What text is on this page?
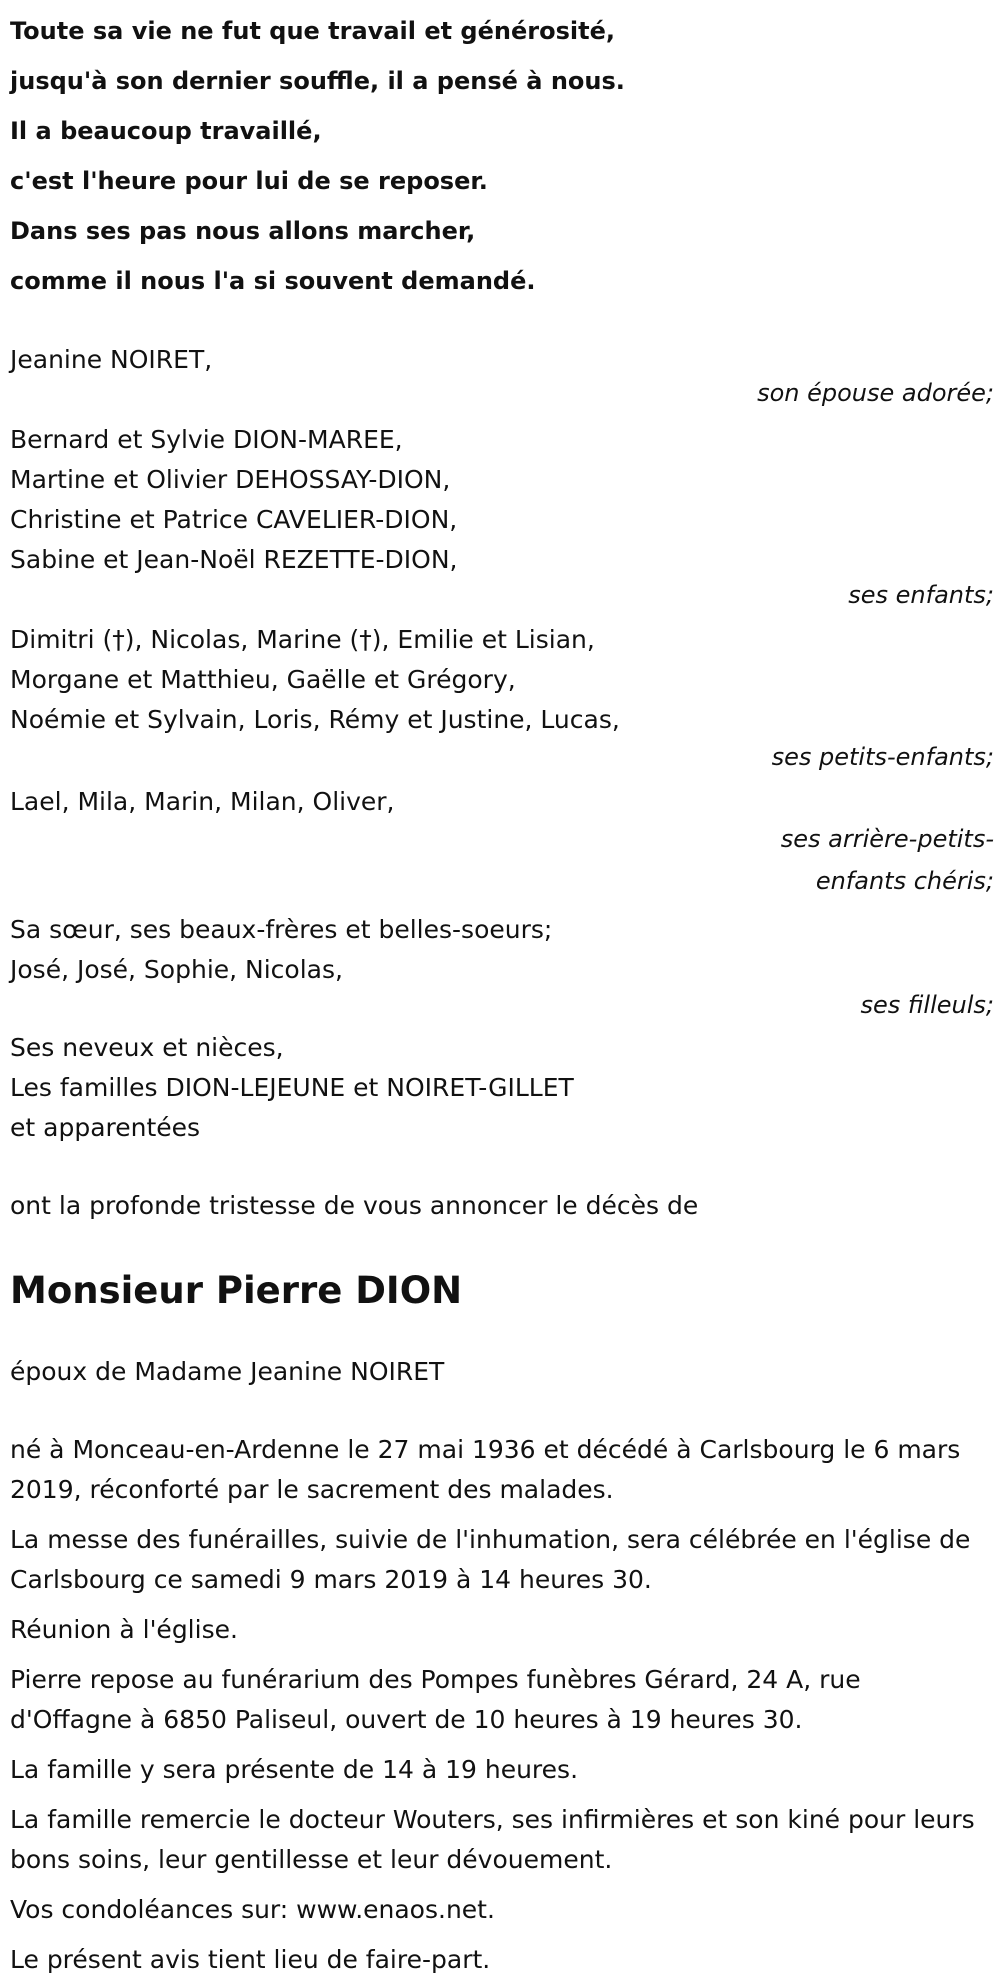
Toute sa vie ne fut que travail et générosité,

jusqu'à son dernier souffle, il a pensé à nous.

Il a beaucoup travaillé,

c'est l'heure pour lui de se reposer.

Dans ses pas nous allons marcher,

comme il nous l'a si souvent demandé.

Jeanine NOIRET,
son épouse adorée;
Bernard et Sylvie DION-MAREE,
Martine et Olivier DEHOSSAY-DION,
Christine et Patrice CAVELIER-DION,
Sabine et Jean-Noël REZETTE-DION,
ses enfants;
Dimitri (†), Nicolas, Marine (†), Emilie et Lisian,
Morgane et Matthieu, Gaëlle et Grégory,
Noémie et Sylvain, Loris, Rémy et Justine, Lucas,
ses petits-enfants;
Lael, Mila, Marin, Milan, Oliver,
ses arrière-petits-
enfants chéris;
Sa sœur, ses beaux-frères et belles-soeurs;
José, José, Sophie, Nicolas,
ses filleuls;
Ses neveux et nièces,
Les familles DION-LEJEUNE et NOIRET-GILLET
et apparentées
ont la profonde tristesse de vous annoncer le décès de
Monsieur Pierre DION
époux de Madame Jeanine NOIRET

né à Monceau-en-Ardenne le 27 mai 1936 et décédé à Carlsbourg le 6 mars 2019, réconforté par le sacrement des malades.

La messe des funérailles, suivie de l'inhumation, sera célébrée en l'église de Carlsbourg ce samedi 9 mars 2019 à 14 heures 30.

Réunion à l'église.

Pierre repose au funérarium des Pompes funèbres Gérard, 24 A, rue d'Offagne à 6850 Paliseul, ouvert de 10 heures à 19 heures 30.

La famille y sera présente de 14 à 19 heures.

La famille remercie le docteur Wouters, ses infirmières et son kiné pour leurs bons soins, leur gentillesse et leur dévouement.

Vos condoléances sur: www.enaos.net.

Le présent avis tient lieu de faire-part.
